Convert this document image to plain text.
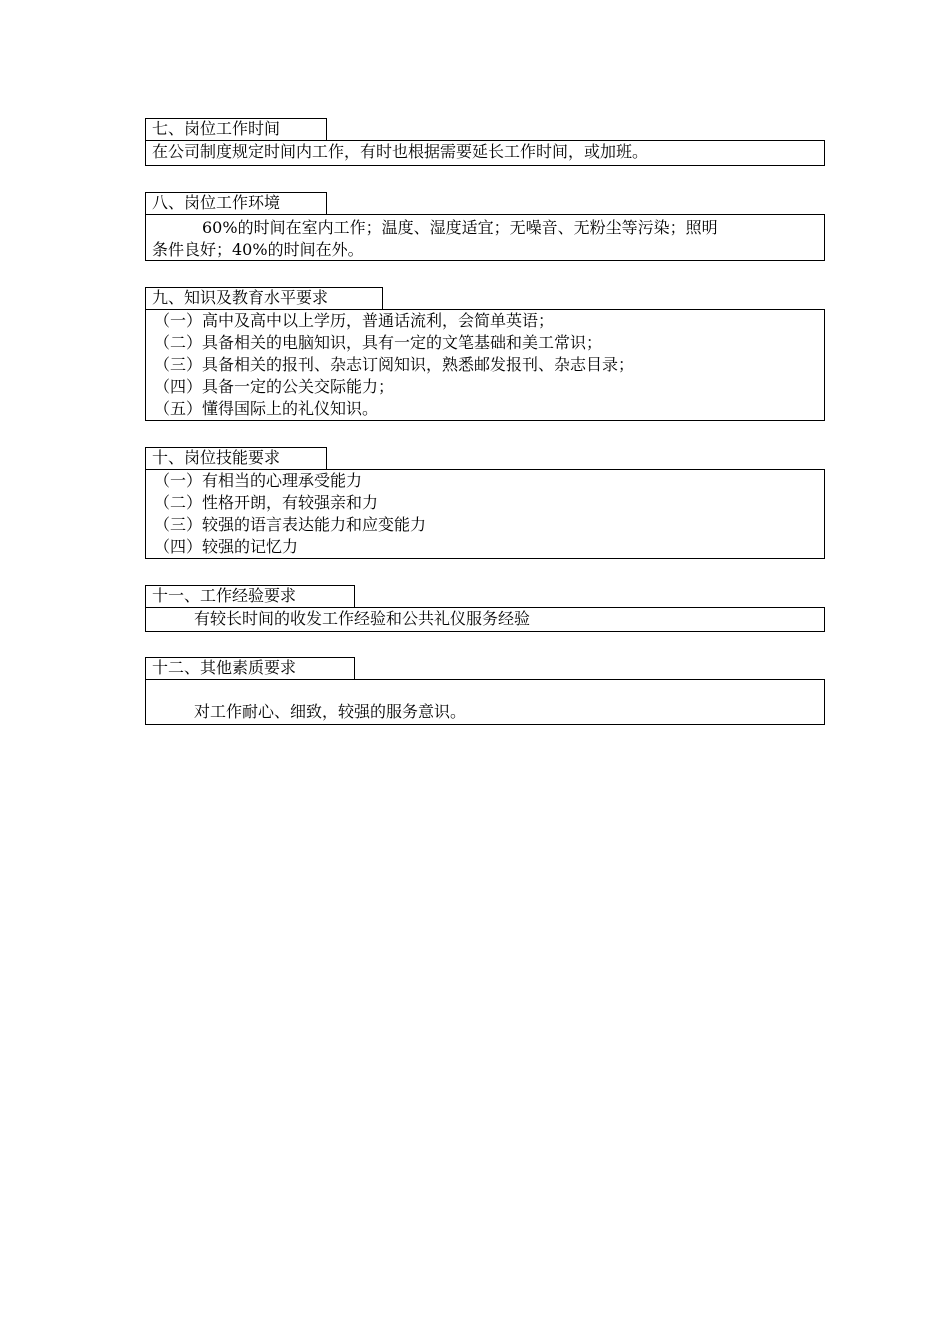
七、岗位工作时间

在公司制度规定时间内工作，有时也根据需要延长工作时间，或加班。

八、岗位工作环境

60%的时间在室内工作；温度、湿度适宜；无噪音、无粉尘等污染；照明

条件良好；40%的时间在外。

九、知识及教育水平要求

（一）高中及高中以上学历，普通话流利，会简单英语；

（二）具备相关的电脑知识，具有一定的文笔基础和美工常识；

（三）具备相关的报刊、杂志订阅知识，熟悉邮发报刊、杂志目录；

（四）具备一定的公关交际能力；

（五）懂得国际上的礼仪知识。

十、岗位技能要求

（一）有相当的心理承受能力

（二）性格开朗，有较强亲和力

（三）较强的语言表达能力和应变能力

（四）较强的记忆力

十一、工作经验要求

有较长时间的收发工作经验和公共礼仪服务经验

十二、其他素质要求

对工作耐心、细致，较强的服务意识。
